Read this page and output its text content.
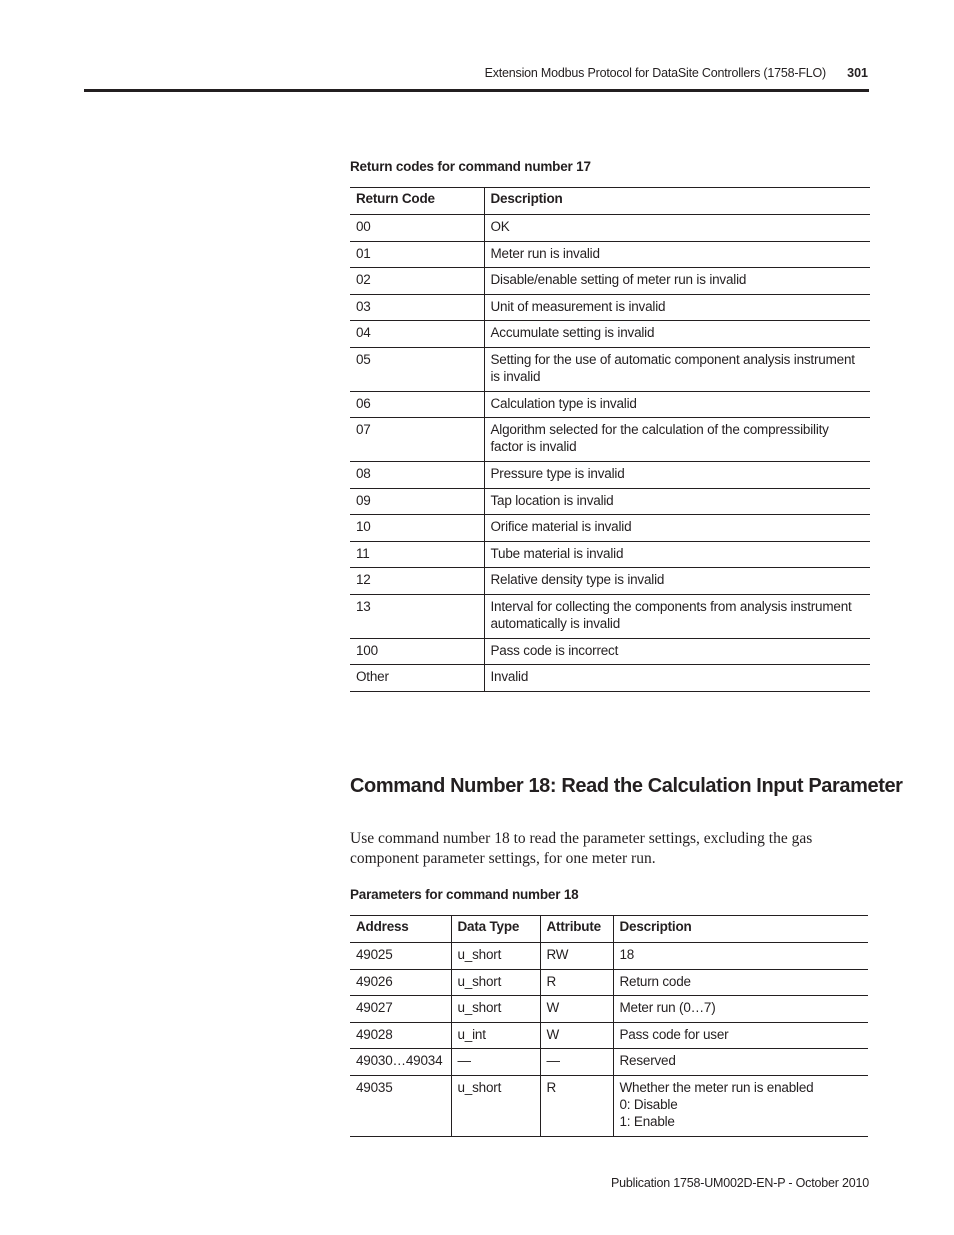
Extension Modbus Protocol for DataSite Controllers (1758-FLO) 301
Return codes for command number 17
Return Code	Description
00	OK
01	Meter run is invalid
02	Disable/enable setting of meter run is invalid
03	Unit of measurement is invalid
04	Accumulate setting is invalid
05	Setting for the use of automatic component analysis instrument is invalid
06	Calculation type is invalid
07	Algorithm selected for the calculation of the compressibility factor is invalid
08	Pressure type is invalid
09	Tap location is invalid
10	Orifice material is invalid
11	Tube material is invalid
12	Relative density type is invalid
13	Interval for collecting the components from analysis instrument automatically is invalid
100	Pass code is incorrect
Other	Invalid
Command Number 18: Read the Calculation Input Parameter
Use command number 18 to read the parameter settings, excluding the gas component parameter settings, for one meter run.
Parameters for command number 18
Address	Data Type	Attribute	Description
49025	u_short	RW	18
49026	u_short	R	Return code
49027	u_short	W	Meter run (0…7)
49028	u_int	W	Pass code for user
49030…49034	—	—	Reserved
49035	u_short	R	Whether the meter run is enabled
0: Disable
1: Enable
Publication 1758-UM002D-EN-P - October 2010
